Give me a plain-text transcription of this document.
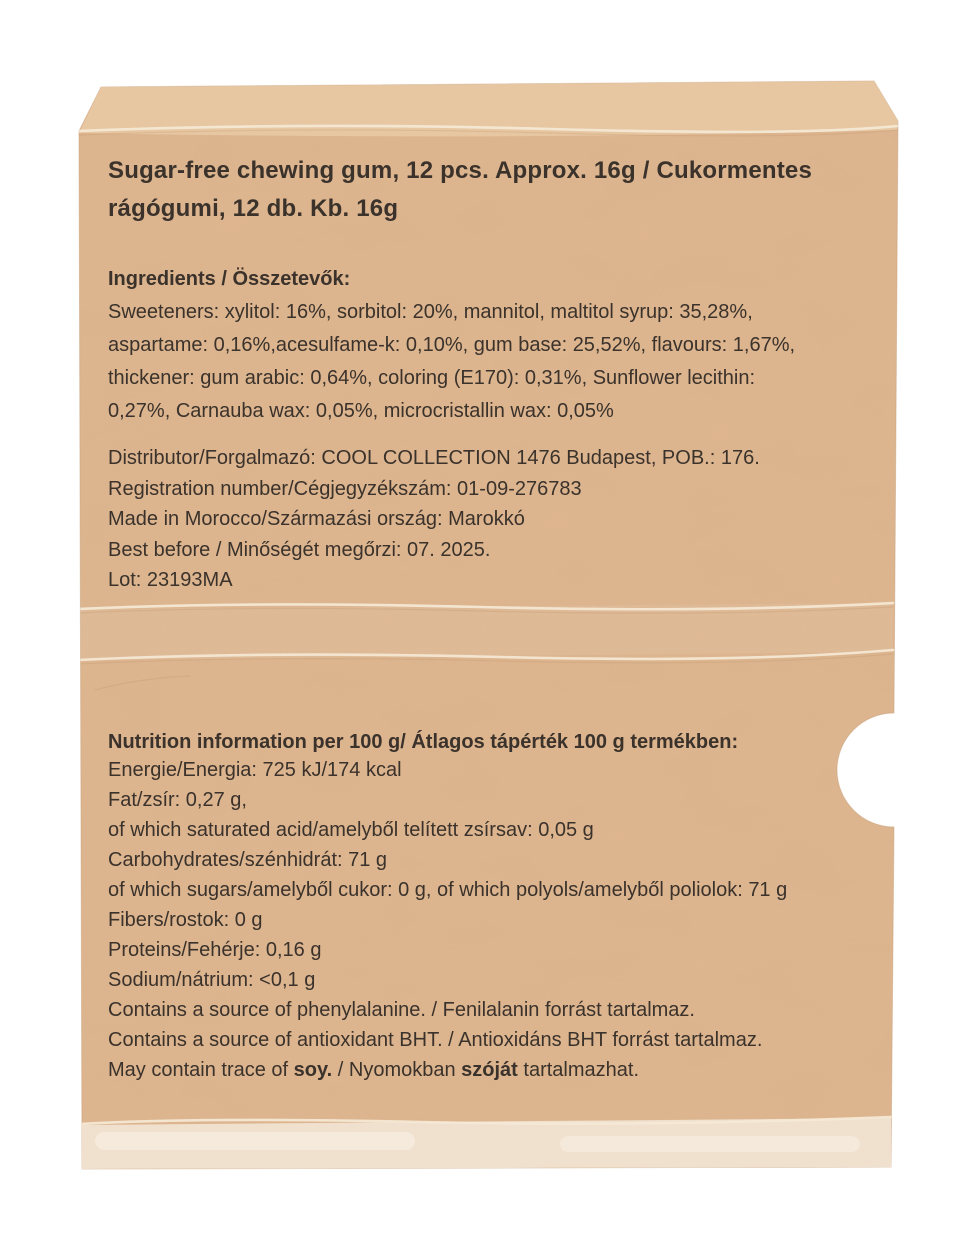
Sugar-free chewing gum, 12 pcs. Approx. 16g / Cukormentes
rágógumi, 12 db. Kb. 16g
Ingredients / Összetevők:
Sweeteners: xylitol: 16%, sorbitol: 20%, mannitol, maltitol syrup: 35,28%,
aspartame: 0,16%,acesulfame-k: 0,10%, gum base: 25,52%, flavours: 1,67%,
thickener: gum arabic: 0,64%, coloring (E170): 0,31%, Sunflower lecithin:
0,27%, Carnauba wax: 0,05%, microcristallin wax: 0,05%
Distributor/Forgalmazó: COOL COLLECTION 1476 Budapest, POB.: 176.
Registration number/Cégjegyzékszám: 01-09-276783
Made in Morocco/Származási ország: Marokkó
Best before / Minőségét megőrzi: 07. 2025.
Lot: 23193MA
Nutrition information per 100 g/ Átlagos tápérték 100 g termékben:
Energie/Energia: 725 kJ/174 kcal
Fat/zsír: 0,27 g,
of which saturated acid/amelyből telített zsírsav: 0,05 g
Carbohydrates/szénhidrát: 71 g
of which sugars/amelyből cukor: 0 g, of which polyols/amelyből poliolok: 71 g
Fibers/rostok: 0 g
Proteins/Fehérje: 0,16 g
Sodium/nátrium: <0,1 g
Contains a source of phenylalanine. / Fenilalanin forrást tartalmaz.
Contains a source of antioxidant BHT. / Antioxidáns BHT forrást tartalmaz.
May contain trace of soy. / Nyomokban szóját tartalmazhat.
